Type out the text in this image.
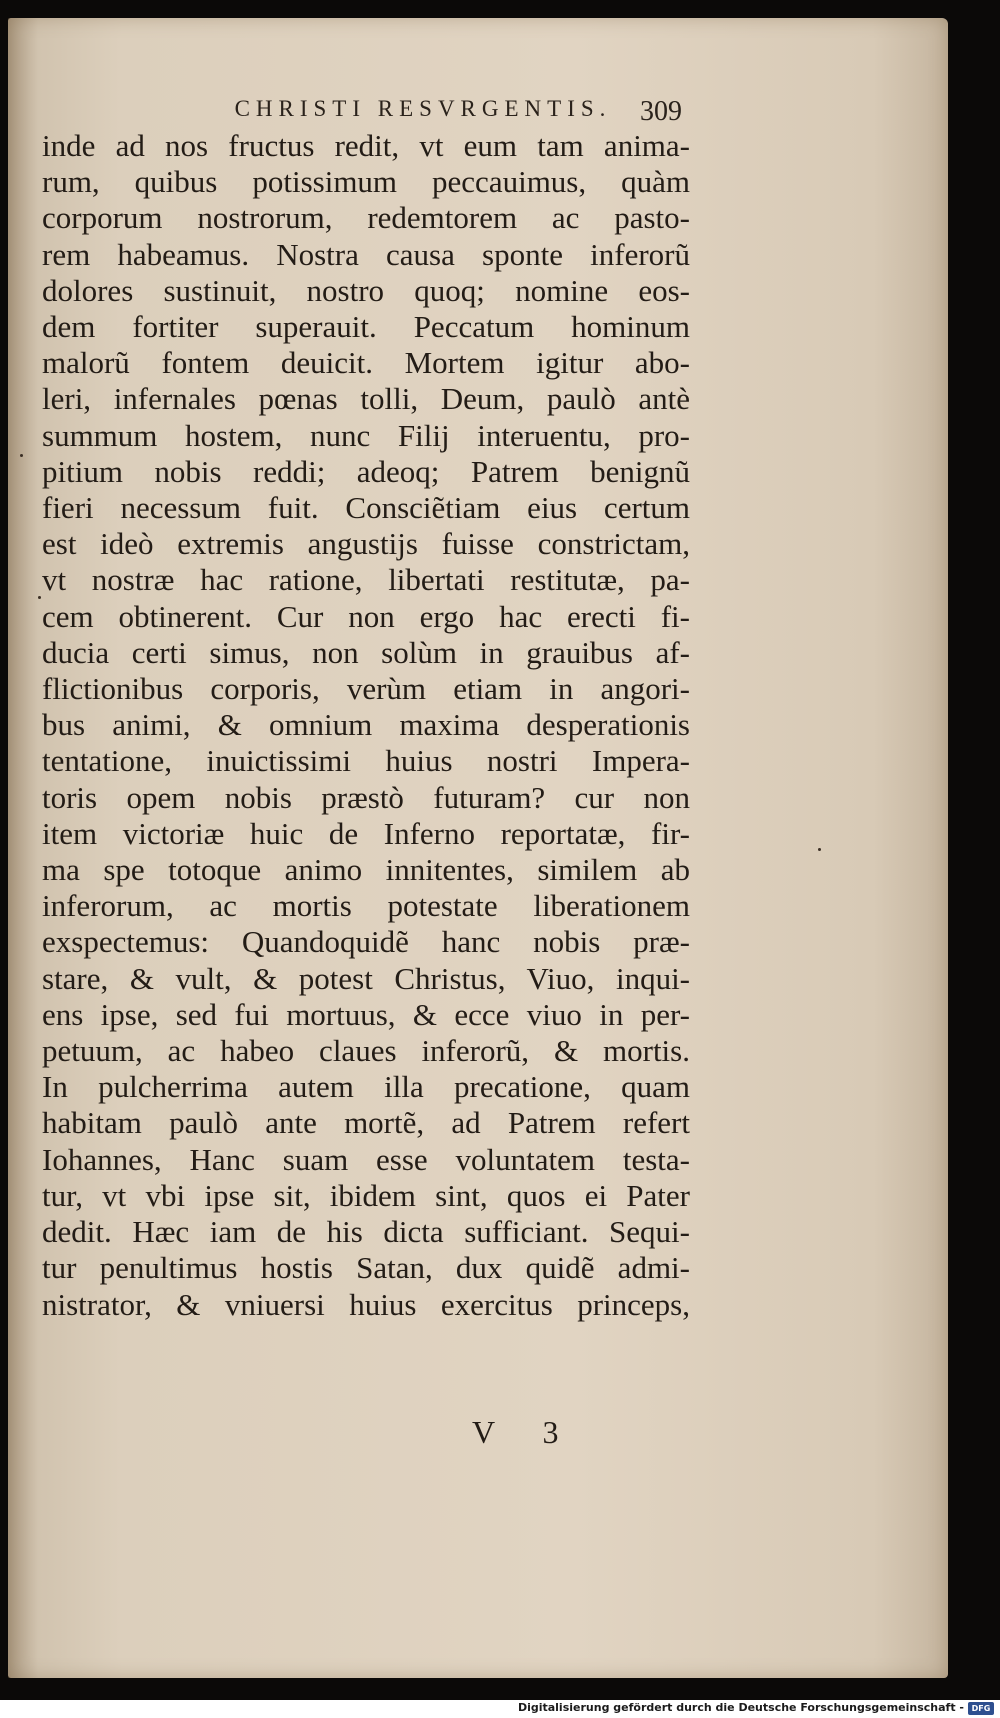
CHRISTI RESVRGENTIS.	309
inde ad nos fructus redit, vt eum tam anima-
rum, quibus potissimum peccauimus, quàm
corporum nostrorum, redemtorem ac pasto-
rem habeamus. Nostra causa sponte inferorũ
dolores sustinuit, nostro quoq; nomine eos-
dem fortiter superauit. Peccatum hominum
malorũ fontem deuicit. Mortem igitur abo-
leri, infernales pœnas tolli, Deum, paulò antè
summum hostem, nunc Filij interuentu, pro-
pitium nobis reddi; adeoq; Patrem benignũ
fieri necessum fuit. Consciẽtiam eius certum
est ideò extremis angustijs fuisse constrictam,
vt nostræ hac ratione, libertati restitutæ, pa-
cem obtinerent. Cur non ergo hac erecti fi-
ducia certi simus, non solùm in grauibus af-
flictionibus corporis, verùm etiam in angori-
bus animi, & omnium maxima desperationis
tentatione, inuictissimi huius nostri Impera-
toris opem nobis præstò futuram? cur non
item victoriæ huic de Inferno reportatæ, fir-
ma spe totoque animo innitentes, similem ab
inferorum, ac mortis potestate liberationem
exspectemus: Quandoquidẽ hanc nobis præ-
stare, & vult, & potest Christus, Viuo, inqui-
ens ipse, sed fui mortuus, & ecce viuo in per-
petuum, ac habeo claues inferorũ, & mortis.
In pulcherrima autem illa precatione, quam
habitam paulò ante mortẽ, ad Patrem refert
Iohannes, Hanc suam esse voluntatem testa-
tur, vt vbi ipse sit, ibidem sint, quos ei Pater
dedit. Hæc iam de his dicta sufficiant. Sequi-
tur penultimus hostis Satan, dux quidẽ admi-
nistrator, & vniuersi huius exercitus princeps,
V 3
Digitalisierung gefördert durch die Deutsche Forschungsgemeinschaft - DFG
